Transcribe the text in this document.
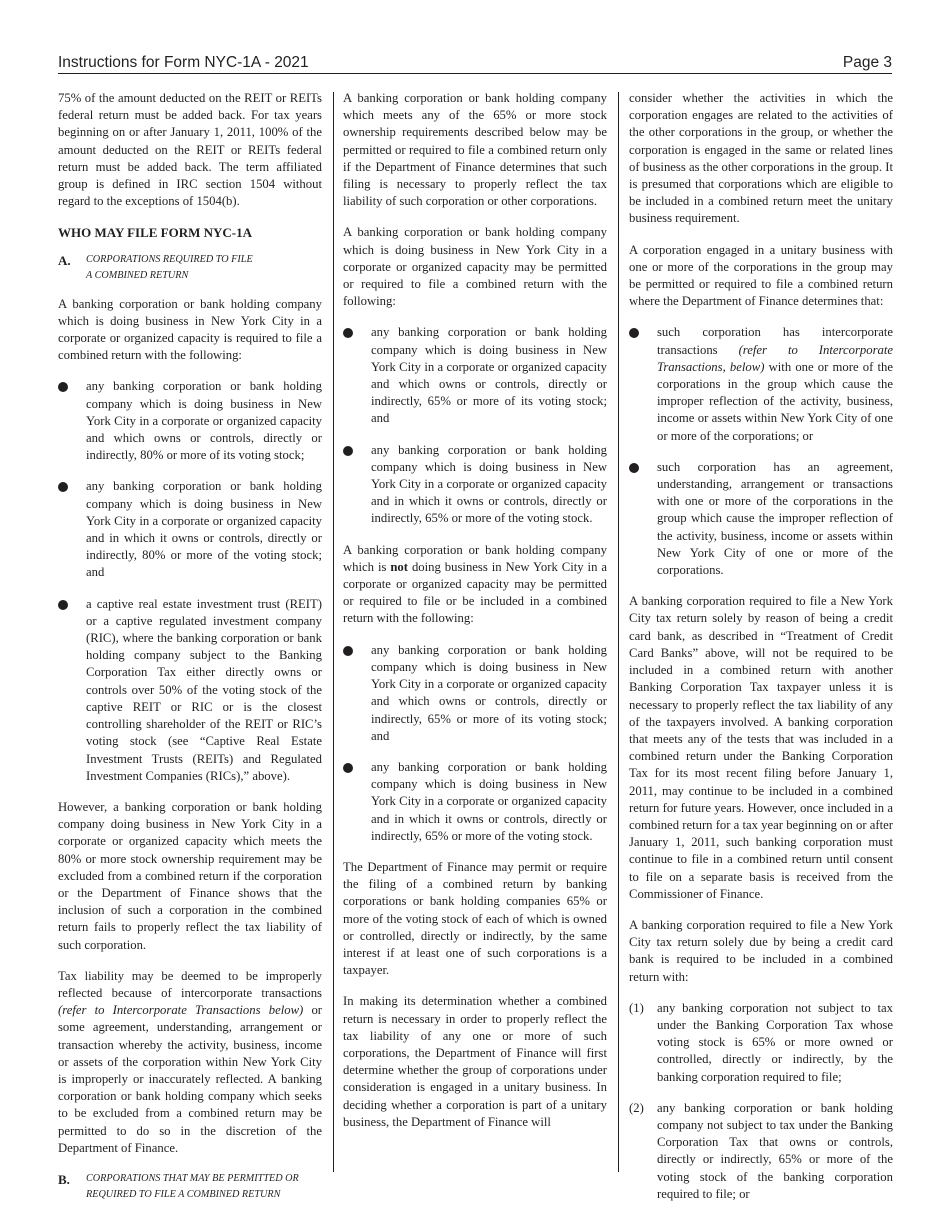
Instructions for Form NYC-1A - 2021	Page 3

75% of the amount deducted on the REIT or REITs federal return must be added back. For tax years beginning on or after January 1, 2011, 100% of the amount deducted on the REIT or REITs federal return must be added back. The term affiliated group is defined in IRC section 1504 without regard to the exceptions of 1504(b).

WHO MAY FILE FORM NYC-1A
A.	CORPORATIONS REQUIRED TO FILE
A COMBINED RETURN

A banking corporation or bank holding company which is doing business in New York City in a corporate or organized capacity is required to file a combined return with the following:

any banking corporation or bank holding company which is doing business in New York City in a corporate or organized capacity and which owns or controls, directly or indirectly, 80% or more of its voting stock;
any banking corporation or bank holding company which is doing business in New York City in a corporate or organized capacity and in which it owns or controls, directly or indirectly, 80% or more of the voting stock; and
a captive real estate investment trust (REIT) or a captive regulated investment company (RIC), where the banking corporation or bank holding company subject to the Banking Corporation Tax either directly owns or controls over 50% of the voting stock of the captive REIT or RIC or is the closest controlling shareholder of the REIT or RIC’s voting stock (see “Captive Real Estate Investment Trusts (REITs) and Regulated Investment Companies (RICs),” above).

However, a banking corporation or bank holding company doing business in New York City in a corporate or organized capacity which meets the 80% or more stock ownership requirement may be excluded from a combined return if the corporation or the Department of Finance shows that the inclusion of such a corporation in the combined return fails to properly reflect the tax liability of such corporation.

Tax liability may be deemed to be improperly reflected because of intercorporate transactions (refer to Intercorporate Transactions below) or some agreement, understanding, arrangement or transaction whereby the activity, business, income or assets of the corporation within New York City is improperly or inaccurately reflected. A banking corporation or bank holding company which seeks to be excluded from a combined return may be permitted to do so in the discretion of the Department of Finance.

B.	CORPORATIONS THAT MAY BE PERMITTED OR
REQUIRED TO FILE A COMBINED RETURN

A banking corporation or bank holding company which meets any of the 65% or more stock ownership requirements described below may be permitted or required to file a combined return only if the Department of Finance determines that such filing is necessary to properly reflect the tax liability of such corporation or other corporations.

A banking corporation or bank holding company which is doing business in New York City in a corporate or organized capacity may be permitted or required to file a combined return with the following:

any banking corporation or bank holding company which is doing business in New York City in a corporate or organized capacity and which owns or controls, directly or indirectly, 65% or more of its voting stock; and
any banking corporation or bank holding company which is doing business in New York City in a corporate or organized capacity and in which it owns or controls, directly or indirectly, 65% or more of the voting stock.

A banking corporation or bank holding company which is not doing business in New York City in a corporate or organized capacity may be permitted or required to file or be included in a combined return with the following:

any banking corporation or bank holding company which is doing business in New York City in a corporate or organized capacity and which owns or controls, directly or indirectly, 65% or more of its voting stock; and
any banking corporation or bank holding company which is doing business in New York City in a corporate or organized capacity and in which it owns or controls, directly or indirectly, 65% or more of the voting stock.

The Department of Finance may permit or require the filing of a combined return by banking corporations or bank holding companies 65% or more of the voting stock of each of which is owned or controlled, directly or indirectly, by the same interest if at least one of such corporations is a taxpayer.

In making its determination whether a combined return is necessary in order to properly reflect the tax liability of any one or more of such corporations, the Department of Finance will first determine whether the group of corporations under consideration is engaged in a unitary business. In deciding whether a corporation is part of a unitary business, the Department of Finance will

consider whether the activities in which the corporation engages are related to the activities of the other corporations in the group, or whether the corporation is engaged in the same or related lines of business as the other corporations in the group. It is presumed that corporations which are eligible to be included in a combined return meet the unitary business requirement.

A corporation engaged in a unitary business with one or more of the corporations in the group may be permitted or required to file a combined return where the Department of Finance determines that:

such corporation has intercorporate transactions (refer to Intercorporate Transactions, below) with one or more of the corporations in the group which cause the improper reflection of the activity, business, income or assets within New York City of one or more of the corporations; or
such corporation has an agreement, understanding, arrangement or transactions with one or more of the corporations in the group which cause the improper reflection of the activity, business, income or assets within New York City of one or more of the corporations.

A banking corporation required to file a New York City tax return solely by reason of being a credit card bank, as described in “Treatment of Credit Card Banks” above, will not be required to be included in a combined return with another Banking Corporation Tax taxpayer unless it is necessary to properly reflect the tax liability of any of the taxpayers involved. A banking corporation that meets any of the tests that was included in a combined return under the Banking Corporation Tax for its most recent filing before January 1, 2011, may continue to be included in a combined return for future years. However, once included in a combined return for a tax year beginning on or after January 1, 2011, such banking corporation must continue to file in a combined return until consent to file on a separate basis is received from the Commissioner of Finance.

A banking corporation required to file a New York City tax return solely due by being a credit card bank is required to be included in a combined return with:

(1) any banking corporation not subject to tax under the Banking Corporation Tax whose voting stock is 65% or more owned or controlled, directly or indirectly, by the banking corporation required to file;
(2) any banking corporation or bank holding company not subject to tax under the Banking Corporation Tax that owns or controls, directly or indirectly, 65% or more of the voting stock of the banking corporation required to file; or
